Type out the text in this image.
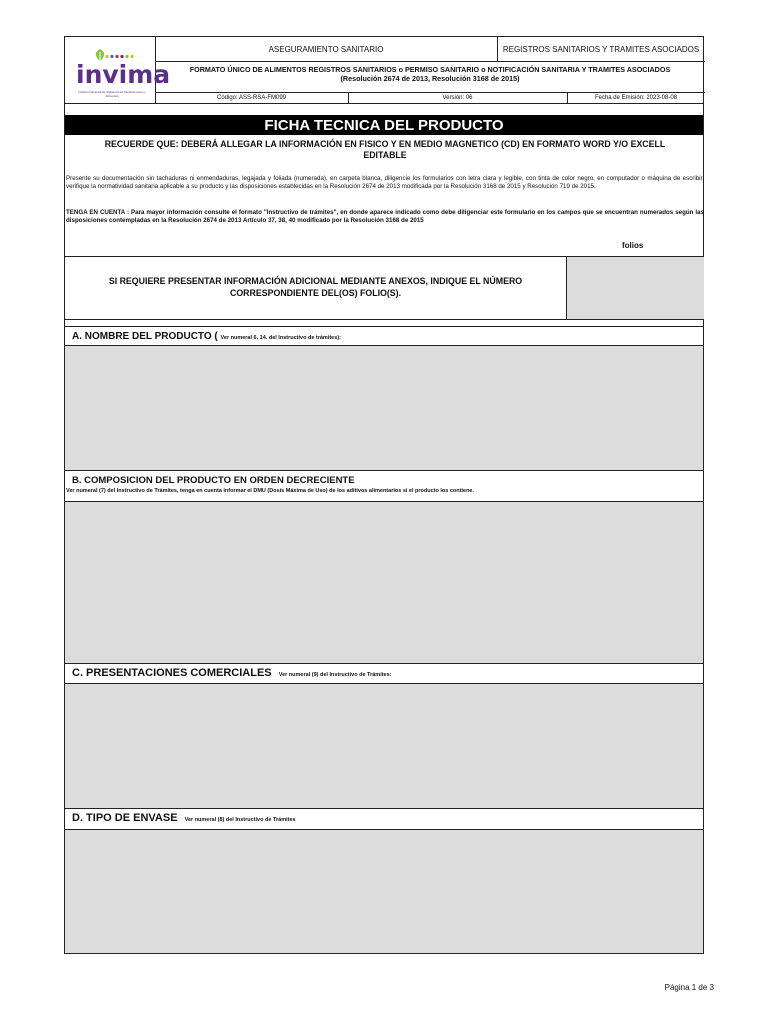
invima
Instituto Nacional de Vigilancia de Medicamentos y Alimentos
ASEGURAMIENTO SANITARIO	REGISTROS SANITARIOS Y TRAMITES ASOCIADOS
FORMATO ÚNICO DE ALIMENTOS REGISTROS SANITARIOS o PERMISO SANITARIO o NOTIFICACIÓN SANITARIA Y TRAMITES ASOCIADOS
(Resolución 2674 de 2013, Resolución 3168 de 2015)
Código: ASS-RSA-FM099	Versión: 06	Fecha de Emisión: 2023-08-08
FICHA TECNICA DEL PRODUCTO
RECUERDE QUE: DEBERÁ ALLEGAR LA INFORMACIÓN EN FISICO Y EN MEDIO MAGNETICO (CD) EN FORMATO WORD Y/O EXCELL
EDITABLE
Presente su documentación sin tachaduras ni enmendaduras, legajada y foliada (numerada), en carpeta blanca, diligencie los formularios con letra clara y legible, con tinta de color negro, en computador o máquina de escribir, verifique la normatividad sanitaria aplicable a su producto y las disposiciones establecidas en la Resolución 2674 de 2013 modificada por la Resolución 3168 de 2015 y Resolución 719 de 2015.
TENGA EN CUENTA : Para mayor información consulte el formato "Instructivo de trámites", en donde aparece indicado como debe diligenciar este formulario en los campos que se encuentran numerados según las disposiciones contempladas en la Resolución 2674 de 2013 Artículo 37, 38, 40 modificado por la Resolución 3168 de 2015
folios
SI REQUIERE PRESENTAR INFORMACIÓN ADICIONAL MEDIANTE ANEXOS, INDIQUE EL NÚMERO
CORRESPONDIENTE DEL(OS) FOLIO(S).
A. NOMBRE DEL PRODUCTO ( Ver numeral 6, 14. del Instructivo de trámites):
B. COMPOSICION DEL PRODUCTO EN ORDEN DECRECIENTE
Ver numeral (7) del Instructivo de Trámites, tenga en cuenta informar el DMU (Dosis Máxima de Uso) de los aditivos alimentarios si el producto los contiene.
C. PRESENTACIONES COMERCIALES Ver numeral (9) del Instructivo de Trámites:
D. TIPO DE ENVASE Ver numeral (8) del Instructivo de Trámites
Página 1 de 3
